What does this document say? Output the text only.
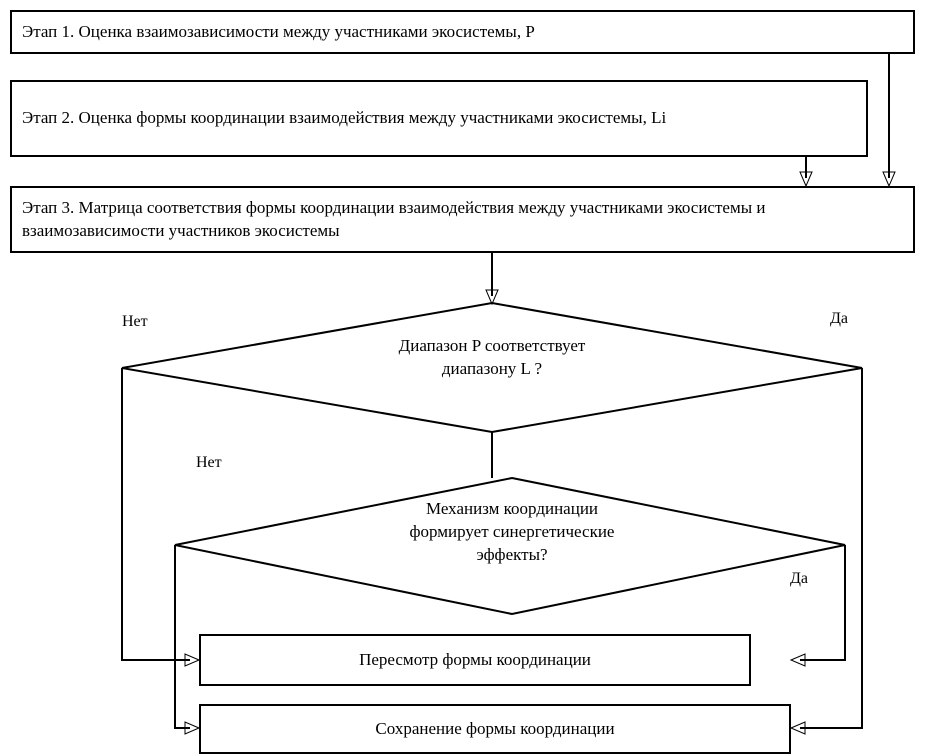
Этап 1. Оценка взаимозависимости между участниками экосистемы, P
Этап 2. Оценка формы координации взаимодействия между участниками экосистемы, Li
Этап 3. Матрица соответствия формы координации взаимодействия между участниками экосистемы и взаимозависимости участников экосистемы
Диапазон P соответствует
диапазону L ?
Нет	Да
Механизм координации
формирует синергетические
эффекты?
Нет
Да
Пересмотр формы координации
Сохранение формы координации
